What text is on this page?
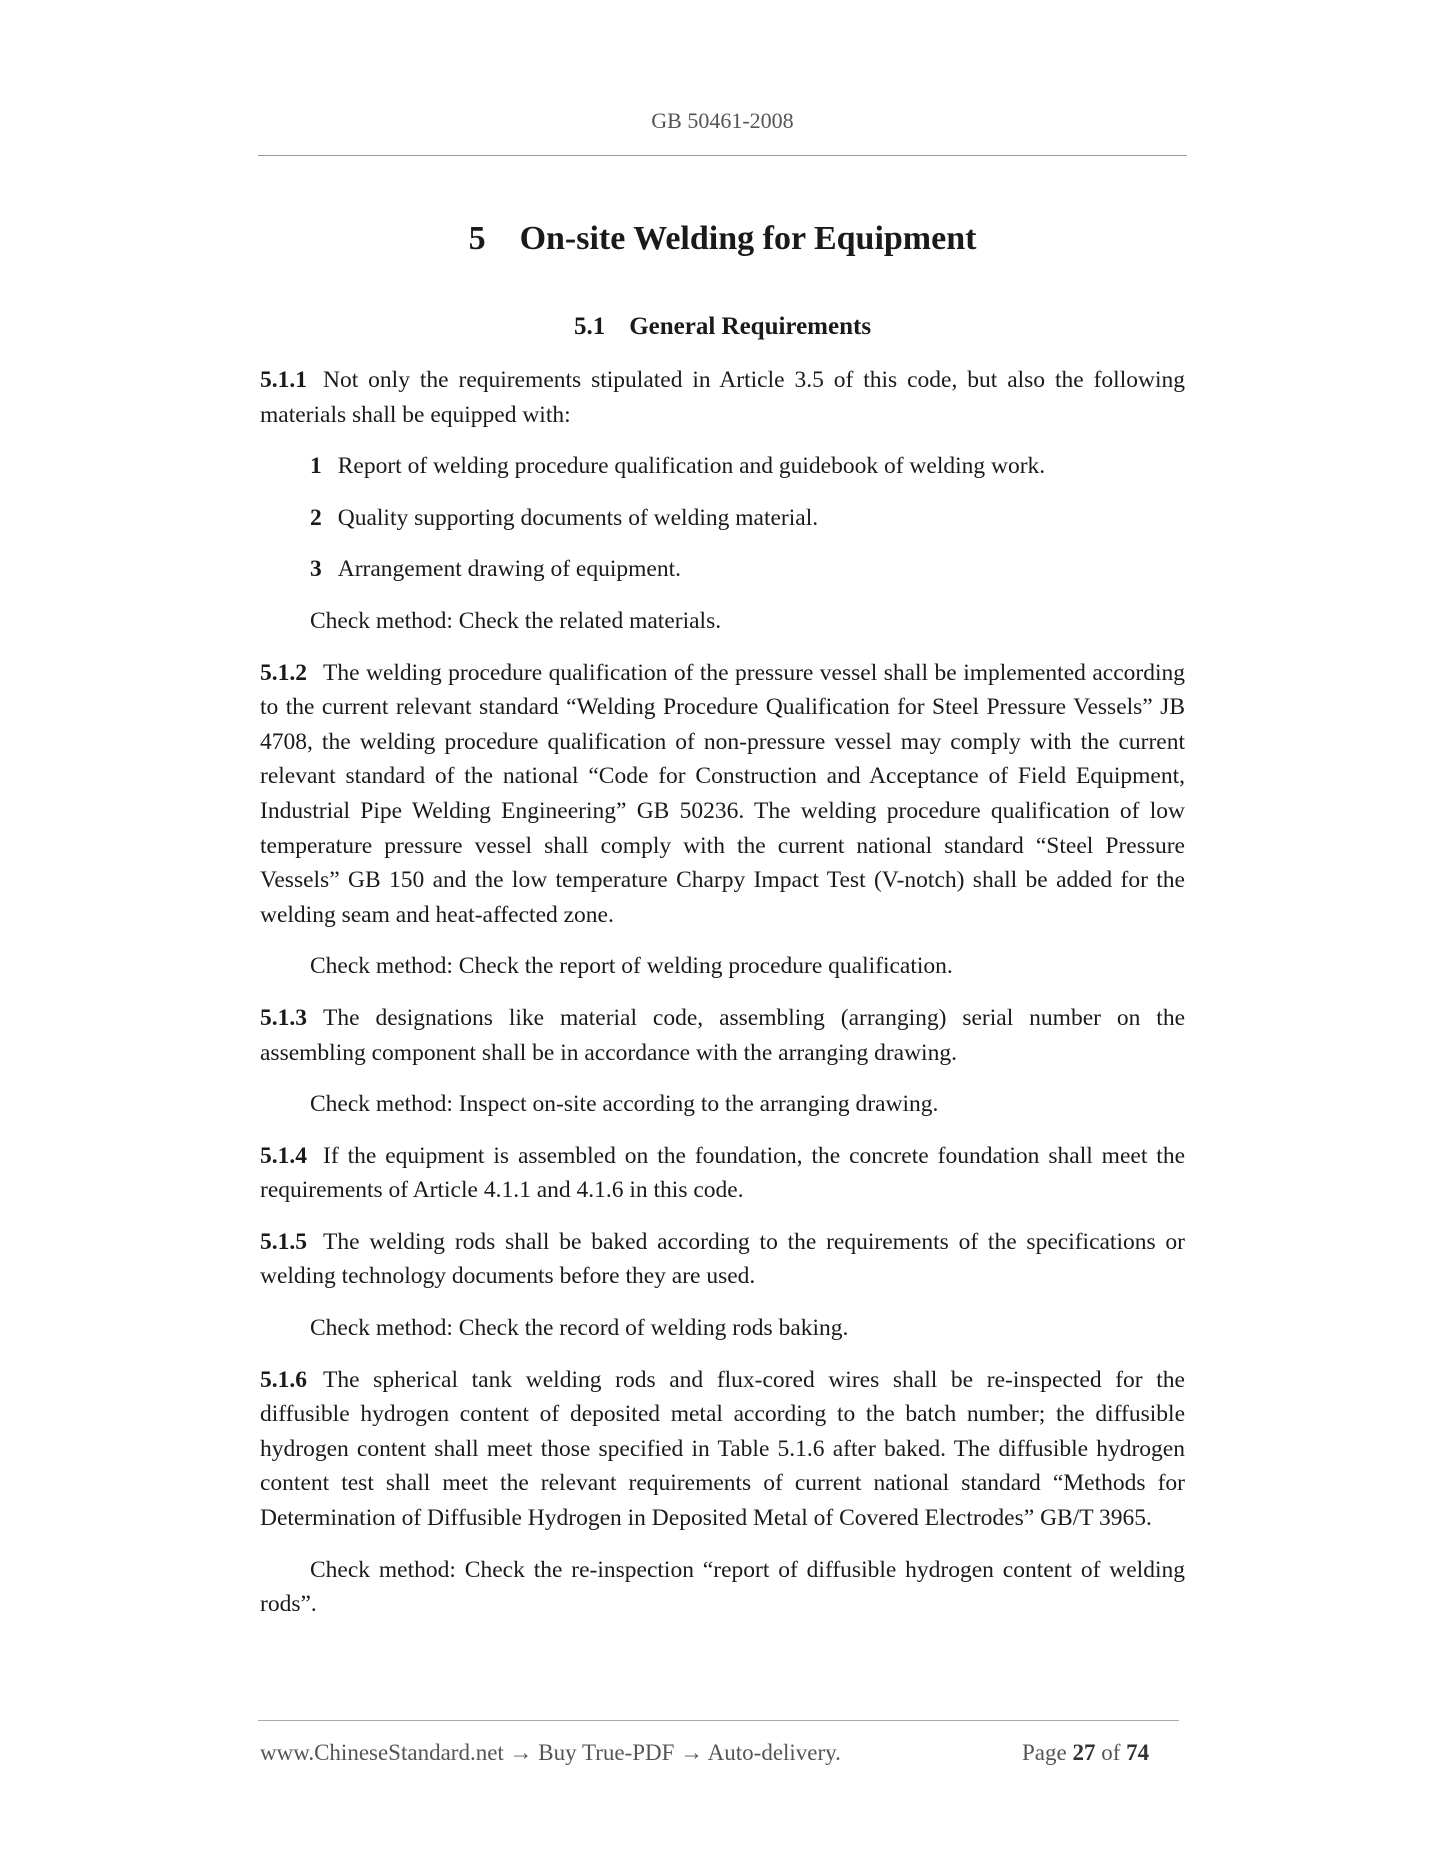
GB 50461-2008
5 On-site Welding for Equipment
5.1 General Requirements

5.1.1 Not only the requirements stipulated in Article 3.5 of this code, but also the following materials shall be equipped with:

1 Report of welding procedure qualification and guidebook of welding work.
2 Quality supporting documents of welding material.
3 Arrangement drawing of equipment.

Check method: Check the related materials.

5.1.2 The welding procedure qualification of the pressure vessel shall be implemented according to the current relevant standard “Welding Procedure Qualification for Steel Pressure Vessels” JB 4708, the welding procedure qualification of non-pressure vessel may comply with the current relevant standard of the national “Code for Construction and Acceptance of Field Equipment, Industrial Pipe Welding Engineering” GB 50236. The welding procedure qualification of low temperature pressure vessel shall comply with the current national standard “Steel Pressure Vessels” GB 150 and the low temperature Charpy Impact Test (V-notch) shall be added for the welding seam and heat-affected zone.

Check method: Check the report of welding procedure qualification.

5.1.3 The designations like material code, assembling (arranging) serial number on the assembling component shall be in accordance with the arranging drawing.

Check method: Inspect on-site according to the arranging drawing.

5.1.4 If the equipment is assembled on the foundation, the concrete foundation shall meet the requirements of Article 4.1.1 and 4.1.6 in this code.

5.1.5 The welding rods shall be baked according to the requirements of the specifications or welding technology documents before they are used.

Check method: Check the record of welding rods baking.

5.1.6 The spherical tank welding rods and flux-cored wires shall be re-inspected for the diffusible hydrogen content of deposited metal according to the batch number; the diffusible hydrogen content shall meet those specified in Table 5.1.6 after baked. The diffusible hydrogen content test shall meet the relevant requirements of current national standard “Methods for Determination of Diffusible Hydrogen in Deposited Metal of Covered Electrodes” GB/T 3965.

Check method: Check the re-inspection “report of diffusible hydrogen content of welding rods”.

www.ChineseStandard.net → Buy True-PDF → Auto-delivery.	Page 27 of 74
